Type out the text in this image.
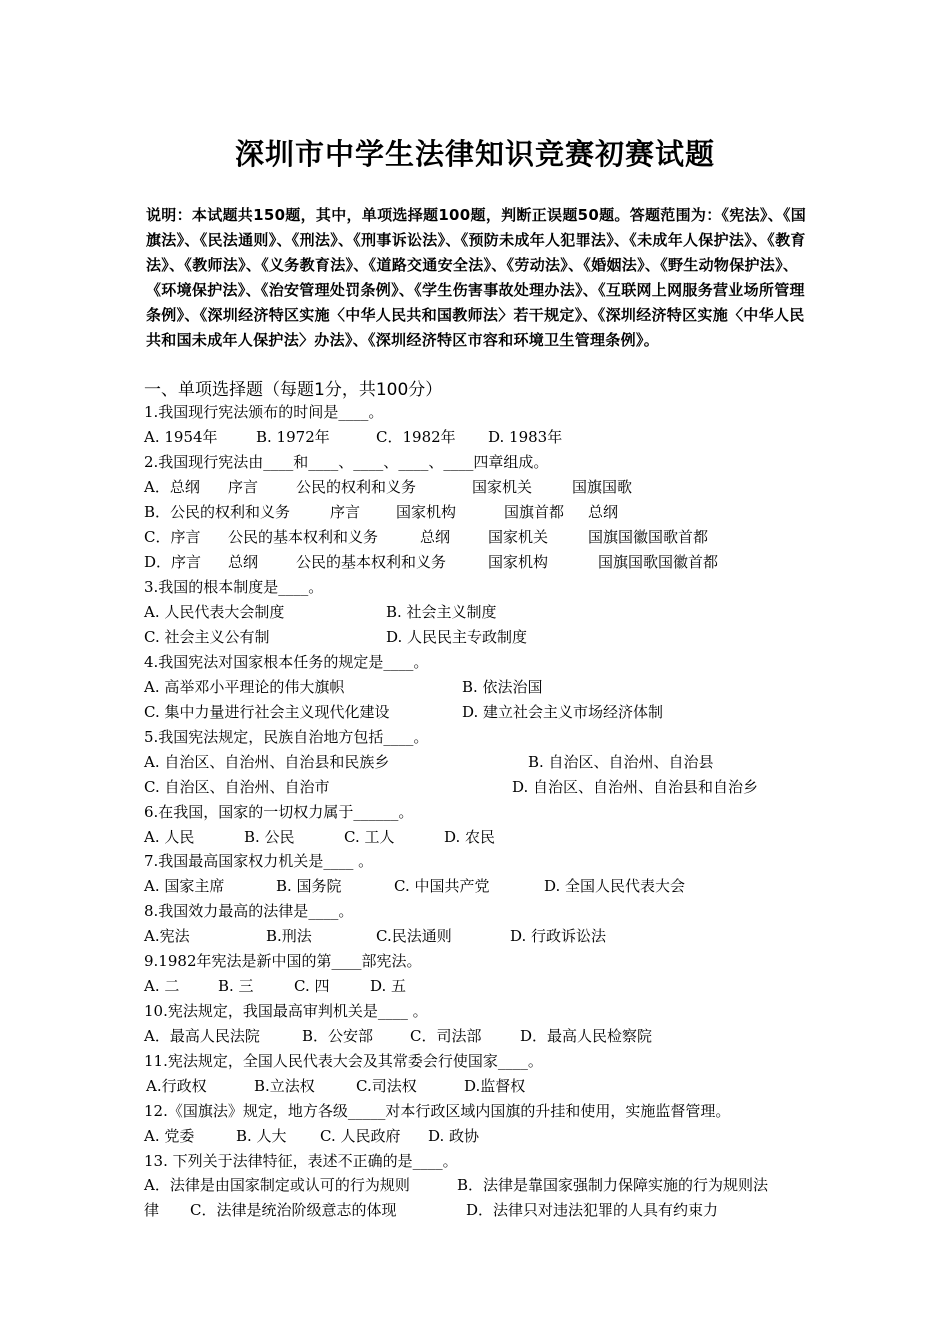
深圳市中学生法律知识竞赛初赛试题
说明：本试题共150题，其中，单项选择题100题，判断正误题50题。答题范围为：《宪法》、《国旗法》、《民法通则》、《刑法》、《刑事诉讼法》、《预防未成年人犯罪法》、《未成年人保护法》、《教育法》、《教师法》、《义务教育法》、《道路交通安全法》、《劳动法》、《婚姻法》、《野生动物保护法》、《环境保护法》、《治安管理处罚条例》、《学生伤害事故处理办法》、《互联网上网服务营业场所管理条例》、《深圳经济特区实施〈中华人民共和国教师法〉若干规定》、《深圳经济特区实施〈中华人民共和国未成年人保护法〉办法》、《深圳经济特区市容和环境卫生管理条例》。
一、单项选择题（每题1分，共100分）
1.我国现行宪法颁布的时间是____。
A. 1954年	B. 1972年	C．1982年 D. 1983年
2.我国现行宪法由____和____、____、____、____四章组成。
A．总纲 序言	公民的权利和义务	国家机关	国旗国歌
B．公民的权利和义务	序言 国家机构	国旗首都 总纲
C．序言 公民的基本权利和义务	总纲	国家机关	国旗国徽国歌首都
D．序言 总纲	公民的基本权利和义务	国家机构	国旗国歌国徽首都
3.我国的根本制度是____。
A. 人民代表大会制度	B. 社会主义制度
C. 社会主义公有制	D. 人民民主专政制度
4.我国宪法对国家根本任务的规定是____。
A. 高举邓小平理论的伟大旗帜	B. 依法治国
C. 集中力量进行社会主义现代化建设	D. 建立社会主义市场经济体制
5.我国宪法规定，民族自治地方包括____。
A. 自治区、自治州、自治县和民族乡	B. 自治区、自治州、自治县
C. 自治区、自治州、自治市	D. 自治区、自治州、自治县和自治乡
6.在我国，国家的一切权力属于______。
A. 人民	B. 公民	C. 工人	D. 农民
7.我国最高国家权力机关是____ 。
A. 国家主席	B. 国务院	C. 中国共产党	D. 全国人民代表大会
8.我国效力最高的法律是____。
A.宪法	B.刑法	C.民法通则	D. 行政诉讼法
9.1982年宪法是新中国的第____部宪法。
A. 二	B. 三	C. 四	D. 五
10.宪法规定，我国最高审判机关是____ 。
A．最高人民法院	B．公安部 C．司法部	D．最高人民检察院
11.宪法规定，全国人民代表大会及其常委会行使国家____。
A.行政权	B.立法权	C.司法权	D.监督权
12.《国旗法》规定，地方各级_____对本行政区域内国旗的升挂和使用，实施监督管理。
A. 党委	B. 人大 C. 人民政府 D. 政协
13. 下列关于法律特征，表述不正确的是____。
A．法律是由国家制定或认可的行为规则	B．法律是靠国家强制力保障实施的行为规则法
律 C．法律是统治阶级意志的体现	D．法律只对违法犯罪的人具有约束力
